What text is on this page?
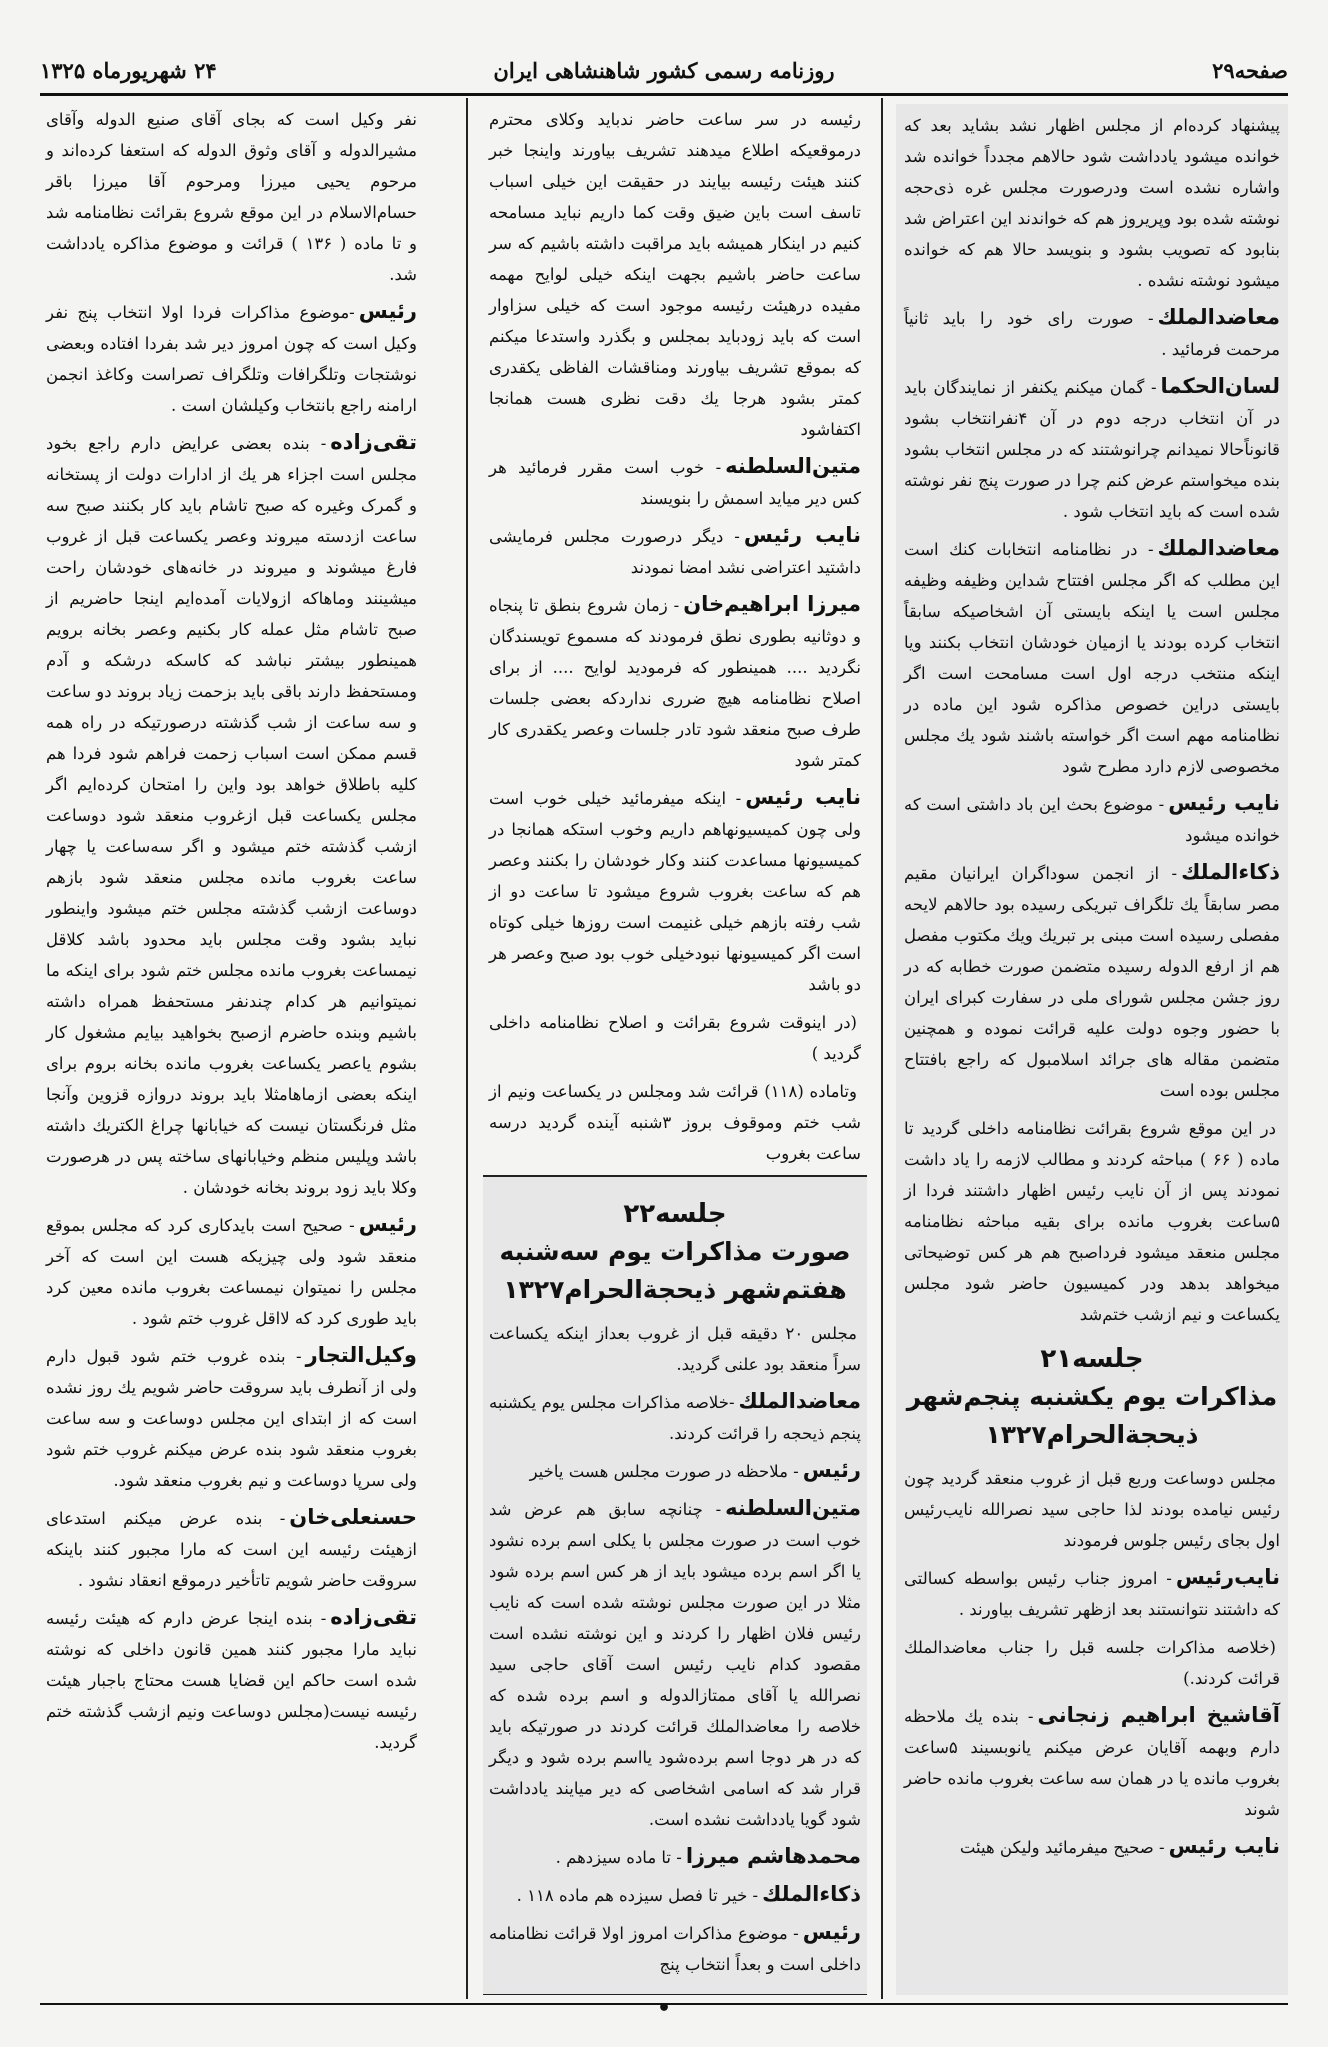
صفحه۲۹
روزنامه رسمی کشور شاهنشاهی ایران
۲۴ شهریورماه ۱۳۲۵

پیشنهاد کرده‌ام از مجلس اظهار نشد بشاید بعد که خوانده میشود یادداشت شود حالاهم مجدداً خوانده شد واشاره نشده است ودرصورت مجلس غره ذی‌حجه نوشته شده بود وپریروز هم که خواندند این اعتراض شد بنابود که تصویب بشود و بنویسد حالا هم که خوانده میشود نوشته نشده .

معاضدالملك- صورت رای خود را باید ثانیاً مرحمت فرمائید .

لسان‌الحکما- گمان میکنم یکنفر از نمایندگان باید در آن انتخاب درجه دوم در آن ۴نفرانتخاب بشود قانوناًحالا نمیدانم چرانوشتند که در مجلس انتخاب بشود بنده میخواستم عرض کنم چرا در صورت پنج نفر نوشته شده است که باید انتخاب شود .

معاضدالملك- در نظامنامه انتخابات کنك است این مطلب که اگر مجلس افتتاح شداین وظیفه وظیفه مجلس است یا اینکه بایستی آن اشخاصیکه سابقاً انتخاب کرده بودند یا ازمیان خودشان انتخاب بکنند ویا اینکه منتخب درجه اول است مسامحت است اگر بایستی دراین خصوص مذاکره شود این ماده در نظامنامه مهم است اگر خواسته باشند شود یك مجلس مخصوصی لازم دارد مطرح شود

نایب رئیس- موضوع بحث این باد داشتی است که خوانده میشود

ذکاءالملك- از انجمن سوداگران ایرانیان مقیم مصر سابقاً یك تلگراف تبریکی رسیده بود حالاهم لایحه مفصلی رسیده است مبنی بر تبریك ویك مکتوب مفصل هم از ارفع الدوله رسیده متضمن صورت خطابه که در روز جشن مجلس شورای ملی در سفارت کبرای ایران با حضور وجوه دولت علیه قرائت نموده و همچنین متضمن مقاله های جرائد اسلامبول که راجع بافتتاح مجلس بوده است

در این موقع شروع بقرائت نظامنامه داخلی گردید تا ماده ( ۶۶ ) مباحثه کردند و مطالب لازمه را یاد داشت نمودند پس از آن نایب رئیس اظهار داشتند فردا از ۵ساعت بغروب مانده برای بقیه مباحثه نظامنامه مجلس منعقد میشود فرداصبح هم هر کس توضیحاتی میخواهد بدهد ودر کمیسیون حاضر شود مجلس یکساعت و نیم ازشب ختم‌شد

جلسه۲۱
مذاکرات یوم یکشنبه پنجم‌شهر ذیحجةالحرام۱۳۲۷

مجلس دوساعت وربع قبل از غروب منعقد گردید چون رئیس نیامده بودند لذا حاجی سید نصرالله نایب‌رئیس اول بجای رئیس جلوس فرمودند

نایب‌رئیس- امروز جناب رئیس بواسطه کسالتی که داشتند نتوانستند بعد ازظهر تشریف بیاورند .

(خلاصه مذاکرات جلسه قبل را جناب معاضدالملك قرائت کردند.)

آقاشیخ ابراهیم زنجانی- بنده یك ملاحظه دارم وبهمه آقایان عرض میکنم یانوبسیند ۵ساعت بغروب مانده یا در همان سه ساعت بغروب مانده حاضر شوند

نایب رئیس- صحیح میفرمائید ولیکن هیئت

رئیسه در سر ساعت حاضر ندباید وکلای محترم درموقعیکه اطلاع میدهند تشریف بیاورند واینجا خبر کنند هیئت رئیسه بیایند در حقیقت این خیلی اسباب تاسف است باین ضیق وقت کما داریم نباید مسامحه کنیم در اینکار همیشه باید مراقبت داشته باشیم که سر ساعت حاضر باشیم بجهت اینکه خیلی لوایح مهمه مفیده درهیئت رئیسه موجود است که خیلی سزاوار است که باید زودباید بمجلس و بگذرد واستدعا میکنم که بموقع تشریف بیاورند ومناقشات الفاظی یکقدری کمتر بشود هرجا یك دقت نظری هست همانجا اکتفاشود

متین‌السلطنه- خوب است مقرر فرمائید هر کس دیر میاید اسمش را بنویسند

نایب رئیس- دیگر درصورت مجلس فرمایشی داشتید اعتراضی نشد امضا نمودند

میرزا ابراهیم‌خان- زمان شروع بنطق تا پنجاه و دوثانیه بطوری نطق فرمودند که مسموع تویسندگان نگردید .... همینطور که فرمودید لوایح .... از برای اصلاح نظامنامه هیچ ضرری نداردکه بعضی جلسات طرف صبح منعقد شود تادر جلسات وعصر یکقدری کار کمتر شود

نایب رئیس- اینکه میفرمائید خیلی خوب است ولی چون کمیسیونهاهم داریم وخوب استکه همانجا در کمیسیونها مساعدت کنند وکار خودشان را بکنند وعصر هم که ساعت بغروب شروع میشود تا ساعت دو از شب رفته بازهم خیلی غنیمت است روزها خیلی کوتاه است اگر کمیسیونها نبودخیلی خوب بود صبح وعصر هر دو باشد

(در اینوقت شروع بقرائت و اصلاح نظامنامه داخلی گردید )

وتاماده (۱۱۸) قرائت شد ومجلس در یکساعت ونیم از شب ختم وموقوف بروز ۳شنبه آینده گردید درسه ساعت بغروب

جلسه۲۲
صورت مذاکرات یوم سه‌شنبه هفتم‌شهر ذیحجةالحرام۱۳۲۷

مجلس ۲۰ دقیقه قبل از غروب بعداز اینکه یکساعت سراً منعقد بود علنی گردید.

معاضدالملك-خلاصه مذاکرات مجلس یوم یکشنبه پنجم ذیحجه را قرائت کردند.

رئیس- ملاحظه در صورت مجلس هست یاخیر

متین‌السلطنه- چنانچه سابق هم عرض شد خوب است در صورت مجلس با یکلی اسم برده نشود یا اگر اسم برده میشود باید از هر کس اسم برده شود مثلا در این صورت مجلس نوشته شده است که نایب رئیس فلان اظهار را کردند و این نوشته نشده است مقصود کدام نایب رئیس است آقای حاجی سید نصرالله یا آقای ممتازالدوله و اسم برده شده که خلاصه را معاضدالملك قرائت کردند در صورتیکه باید که در هر دوجا اسم برده‌شود یااسم برده شود و دیگر قرار شد که اسامی اشخاصی که دیر میایند یادداشت شود گویا یادداشت نشده است.

محمدهاشم میرزا- تا ماده سیزدهم .

ذکاءالملك- خیر تا فصل سیزده هم ماده ۱۱۸ .

رئیس- موضوع مذاکرات امروز اولا قرائت نظامنامه داخلی است و بعداً انتخاب پنج

نفر وکیل است که بجای آقای صنیع الدوله وآقای مشیرالدوله و آقای وثوق الدوله که استعفا کرده‌اند و مرحوم یحیی میرزا ومرحوم آقا میرزا باقر حسام‌الاسلام در این موقع شروع بقرائت نظامنامه شد و تا ماده ( ۱۳۶ ) قرائت و موضوع مذاکره یادداشت شد.

رئیس-موضوع مذاکرات فردا اولا انتخاب پنج نفر وکیل است که چون امروز دیر شد بفردا افتاده وبعضی نوشتجات وتلگرافات وتلگراف تصراست وکاغذ انجمن ارامنه راجع بانتخاب وکیلشان است .

تقی‌زاده- بنده بعضی عرایض دارم راجع بخود مجلس است اجزاء هر یك از ادارات دولت از پستخانه و گمرک وغیره که صبح تاشام باید کار بکنند صبح سه ساعت ازدسته میروند وعصر یکساعت قبل از غروب فارغ میشوند و میروند در خانه‌های خودشان راحت میشینند وماهاکه ازولایات آمده‌ایم اینجا حاضریم از صبح تاشام مثل عمله کار بکنیم وعصر بخانه برویم همینطور بیشتر نباشد که کاسکه درشکه و آدم ومستحفظ دارند باقی باید بزحمت زیاد بروند دو ساعت و سه ساعت از شب گذشته درصورتیکه در راه همه قسم ممکن است اسباب زحمت فراهم شود فردا هم کلیه باطلاق خواهد بود واین را امتحان کرده‌ایم اگر مجلس یکساعت قبل ازغروب منعقد شود دوساعت ازشب گذشته ختم میشود و اگر سه‌ساعت یا چهار ساعت بغروب مانده مجلس منعقد شود بازهم دوساعت ازشب گذشته مجلس ختم میشود واینطور نباید بشود وقت مجلس باید محدود باشد کلاقل نیمساعت بغروب مانده مجلس ختم شود برای اینکه ما نمیتوانیم هر کدام چندنفر مستحفظ همراه داشته باشیم وبنده حاضرم ازصبح بخواهید بیایم مشغول کار بشوم یاعصر یکساعت بغروب مانده بخانه بروم برای اینکه بعضی ازماهامثلا باید بروند دروازه قزوین وآنجا مثل فرنگستان نیست که خیابانها چراغ الکتریك داشته باشد وپلیس منظم وخیابانهای ساخته پس در هرصورت وکلا باید زود بروند بخانه خودشان .

رئیس- صحیح است بایدکاری کرد که مجلس بموقع منعقد شود ولی چیزیکه هست این است که آخر مجلس را نمیتوان نیمساعت بغروب مانده معین کرد باید طوری کرد که لااقل غروب ختم شود .

وکیل‌التجار- بنده غروب ختم شود قبول دارم ولی از آنطرف باید سروقت حاضر شویم یك روز نشده است که از ابتدای این مجلس دوساعت و سه ساعت بغروب منعقد شود بنده عرض میکنم غروب ختم شود ولی سرپا دوساعت و نیم بغروب منعقد شود.

حسنعلی‌خان- بنده عرض میکنم استدعای ازهیئت رئیسه این است که مارا مجبور کنند باینکه سروقت حاضر شویم تاتأخیر درموقع انعقاد نشود .

تقی‌زاده- بنده اینجا عرض دارم که هیئت رئیسه نباید مارا مجبور کنند همین قانون داخلی که نوشته شده است حاکم این قضایا هست محتاج باجبار هیئت رئیسه نیست(مجلس دوساعت ونیم ازشب گذشته ختم گردید.

•
